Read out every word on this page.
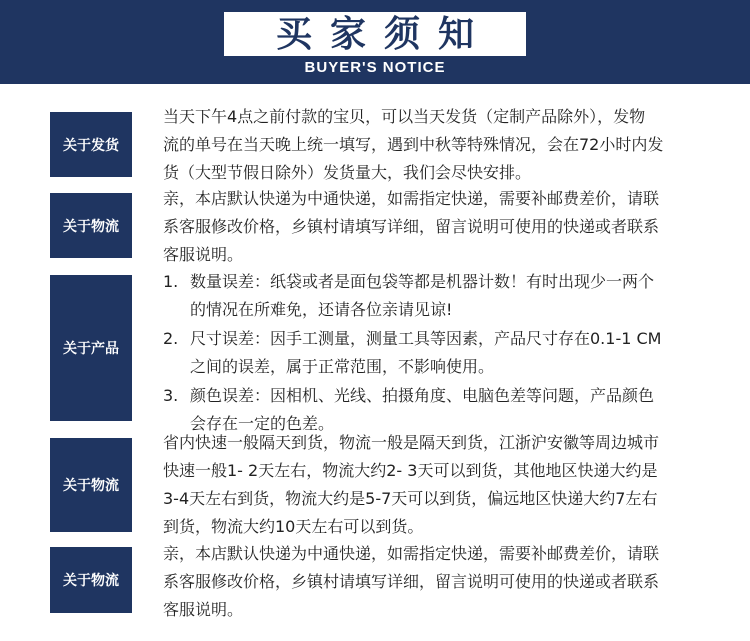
买家须知
BUYER'S NOTICE
关于发货

当天下午4点之前付款的宝贝，可以当天发货（定制产品除外），发物
流的单号在当天晚上统一填写，遇到中秋等特殊情况，会在72小时内发
货（大型节假日除外）发货量大，我们会尽快安排。

关于物流

亲，本店默认快递为中通快递，如需指定快递，需要补邮费差价，请联
系客服修改价格，乡镇村请填写详细，留言说明可使用的快递或者联系
客服说明。

关于产品
1. 数量误差：纸袋或者是面包袋等都是机器计数！有时出现少一两个
的情况在所难免，还请各位亲请见谅!
2. 尺寸误差：因手工测量，测量工具等因素，产品尺寸存在0.1-1 CM
之间的误差，属于正常范围，不影响使用。
3. 颜色误差：因相机、光线、拍摄角度、电脑色差等问题，产品颜色
会存在一定的色差。
关于物流

省内快速一般隔天到货，物流一般是隔天到货，江浙沪安徽等周边城市
快速一般1- 2天左右，物流大约2- 3天可以到货，其他地区快递大约是
3-4天左右到货，物流大约是5-7天可以到货，偏远地区快递大约7左右
到货，物流大约10天左右可以到货。

关于物流

亲，本店默认快递为中通快递，如需指定快递，需要补邮费差价，请联
系客服修改价格，乡镇村请填写详细，留言说明可使用的快递或者联系
客服说明。
